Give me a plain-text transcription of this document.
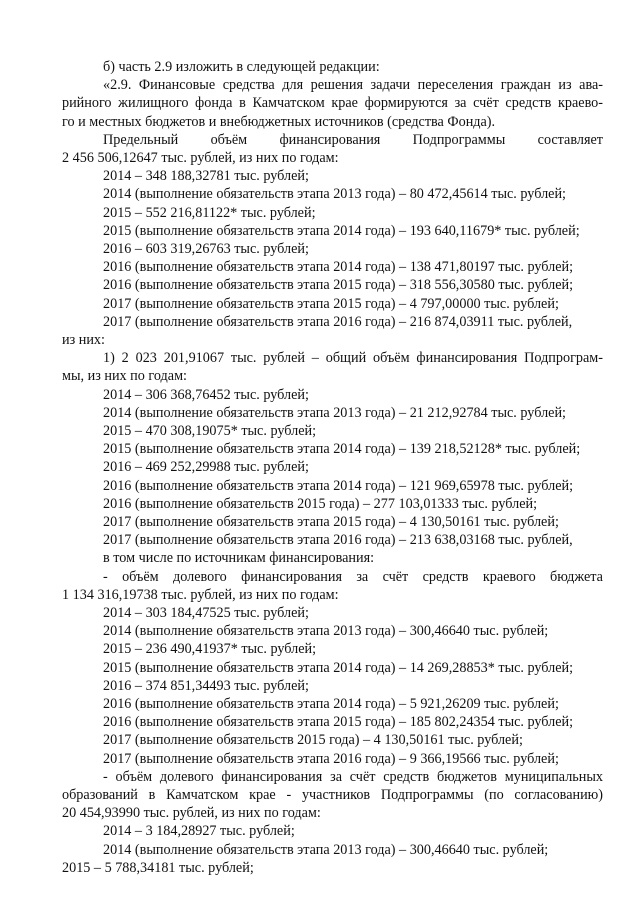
б) часть 2.9 изложить в следующей редакции:
«2.9. Финансовые средства для решения задачи переселения граждан из ава-
рийного жилищного фонда в Камчатском крае формируются за счёт средств краево-
го и местных бюджетов и внебюджетных источников (средства Фонда).
Предельный объём финансирования Подпрограммы составляет
2 456 506,12647 тыс. рублей, из них по годам:
2014 – 348 188,32781 тыс. рублей;
2014 (выполнение обязательств этапа 2013 года) – 80 472,45614 тыс. рублей;
2015 – 552 216,81122* тыс. рублей;
2015 (выполнение обязательств этапа 2014 года) – 193 640,11679* тыс. рублей;
2016 – 603 319,26763 тыс. рублей;
2016 (выполнение обязательств этапа 2014 года) – 138 471,80197 тыс. рублей;
2016 (выполнение обязательств этапа 2015 года) – 318 556,30580 тыс. рублей;
2017 (выполнение обязательств этапа 2015 года) – 4 797,00000 тыс. рублей;
2017 (выполнение обязательств этапа 2016 года) – 216 874,03911 тыс. рублей,
из них:
1) 2 023 201,91067 тыс. рублей – общий объём финансирования Подпрограм-
мы, из них по годам:
2014 – 306 368,76452 тыс. рублей;
2014 (выполнение обязательств этапа 2013 года) – 21 212,92784 тыс. рублей;
2015 – 470 308,19075* тыс. рублей;
2015 (выполнение обязательств этапа 2014 года) – 139 218,52128* тыс. рублей;
2016 – 469 252,29988 тыс. рублей;
2016 (выполнение обязательств этапа 2014 года) – 121 969,65978 тыс. рублей;
2016 (выполнение обязательств 2015 года) – 277 103,01333 тыс. рублей;
2017 (выполнение обязательств этапа 2015 года) – 4 130,50161 тыс. рублей;
2017 (выполнение обязательств этапа 2016 года) – 213 638,03168 тыс. рублей,
в том числе по источникам финансирования:
- объём долевого финансирования за счёт средств краевого бюджета
1 134 316,19738 тыс. рублей, из них по годам:
2014 – 303 184,47525 тыс. рублей;
2014 (выполнение обязательств этапа 2013 года) – 300,46640 тыс. рублей;
2015 – 236 490,41937* тыс. рублей;
2015 (выполнение обязательств этапа 2014 года) – 14 269,28853* тыс. рублей;
2016 – 374 851,34493 тыс. рублей;
2016 (выполнение обязательств этапа 2014 года) – 5 921,26209 тыс. рублей;
2016 (выполнение обязательств этапа 2015 года) – 185 802,24354 тыс. рублей;
2017 (выполнение обязательств 2015 года) – 4 130,50161 тыс. рублей;
2017 (выполнение обязательств этапа 2016 года) – 9 366,19566 тыс. рублей;
- объём долевого финансирования за счёт средств бюджетов муниципальных
образований в Камчатском крае - участников Подпрограммы (по согласованию)
20 454,93990 тыс. рублей, из них по годам:
2014 – 3 184,28927 тыс. рублей;
2014 (выполнение обязательств этапа 2013 года) – 300,46640 тыс. рублей;
2015 – 5 788,34181 тыс. рублей;
